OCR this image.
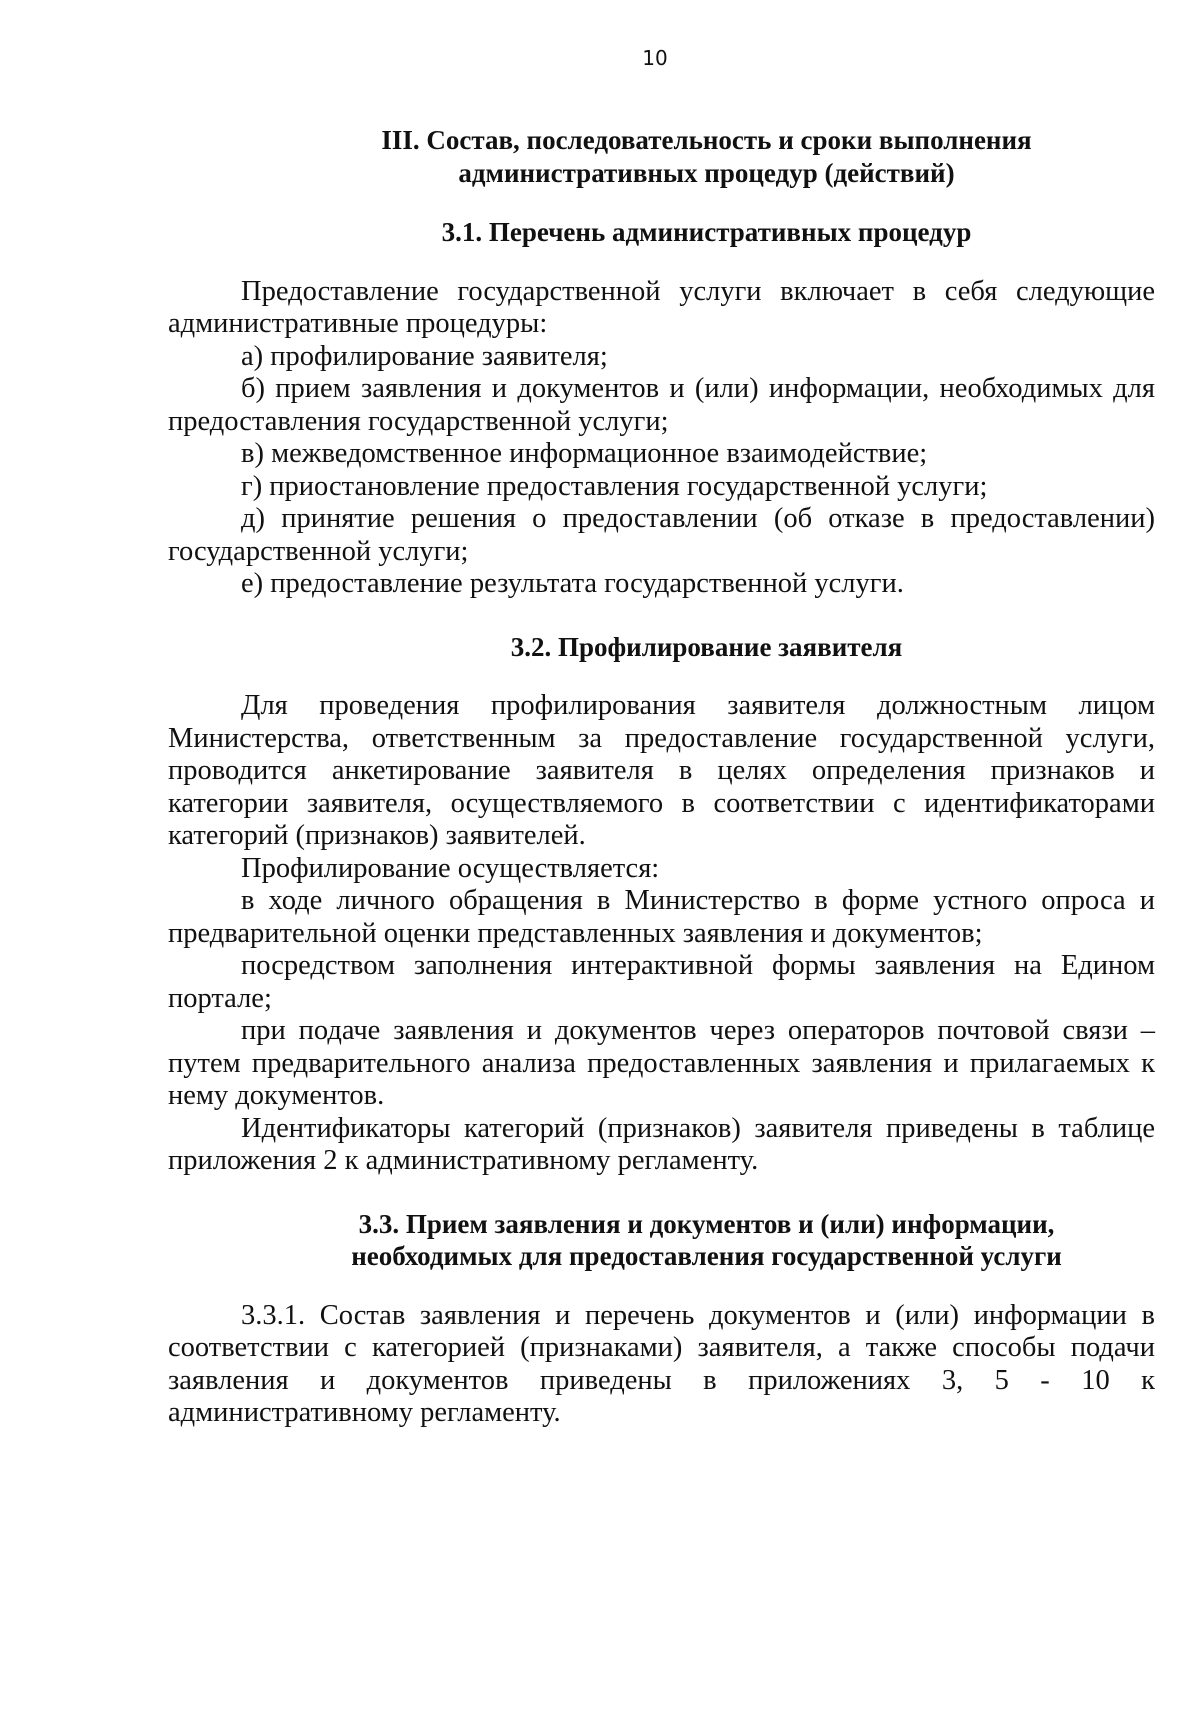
10
III. Состав, последовательность и сроки выполнения
административных процедур (действий)
3.1. Перечень административных процедур

Предоставление государственной услуги включает в себя следующие административные процедуры:

а) профилирование заявителя;

б) прием заявления и документов и (или) информации, необходимых для предоставления государственной услуги;

в) межведомственное информационное взаимодействие;

г) приостановление предоставления государственной услуги;

д) принятие решения о предоставлении (об отказе в предоставлении) государственной услуги;

е) предоставление результата государственной услуги.

3.2. Профилирование заявителя

Для проведения профилирования заявителя должностным лицом Министерства, ответственным за предоставление государственной услуги, проводится анкетирование заявителя в целях определения признаков и категории заявителя, осуществляемого в соответствии с идентификаторами категорий (признаков) заявителей.

Профилирование осуществляется:

в ходе личного обращения в Министерство в форме устного опроса и предварительной оценки представленных заявления и документов;

посредством заполнения интерактивной формы заявления на Едином портале;

при подаче заявления и документов через операторов почтовой связи – путем предварительного анализа предоставленных заявления и прилагаемых к нему документов.

Идентификаторы категорий (признаков) заявителя приведены в таблице приложения 2 к административному регламенту.

3.3. Прием заявления и документов и (или) информации,
необходимых для предоставления государственной услуги

3.3.1. Состав заявления и перечень документов и (или) информации в соответствии с категорией (признаками) заявителя, а также способы подачи заявления и документов приведены в приложениях 3, 5 - 10 к административному регламенту.
